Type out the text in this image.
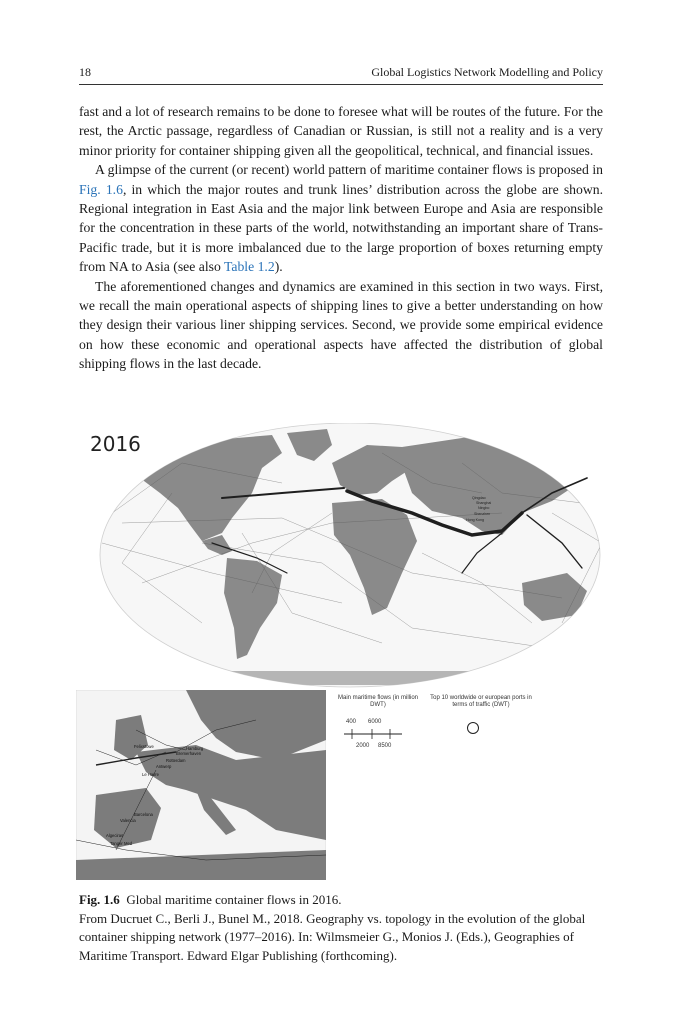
18	Global Logistics Network Modelling and Policy

fast and a lot of research remains to be done to foresee what will be routes of the future. For the rest, the Arctic passage, regardless of Canadian or Russian, is still not a reality and is a very minor priority for container shipping given all the geopolitical, technical, and financial issues.

A glimpse of the current (or recent) world pattern of maritime container flows is proposed in Fig. 1.6, in which the major routes and trunk lines’ distribution across the globe are shown. Regional integration in East Asia and the major link between Europe and Asia are responsible for the concentration in these parts of the world, notwithstanding an important share of Trans-Pacific trade, but it is more imbalanced due to the large proportion of boxes returning empty from NA to Asia (see also Table 1.2).

The aforementioned changes and dynamics are examined in this section in two ways. First, we recall the main operational aspects of shipping lines to give a better understanding on how they design their various liner shipping services. Second, we provide some empirical evidence on how these economic and operational aspects have affected the distribution of global shipping flows in the last decade.

2016
Qingdao
Shanghai
Ningbo
Shenzhen
Hong Kong
Felixstowe
Rotterdam
Bremerhaven
Hamburg
Antwerp
Le Havre
Barcelona
Valencia
Algeciras
Tanger Med
Main maritime flows (in million DWT)
Top 10 worldwide or european ports in terms of traffic (DWT)
400 6000
2000 8500

Fig. 1.6 Global maritime container flows in 2016.

From Ducruet C., Berli J., Bunel M., 2018. Geography vs. topology in the evolution of the global container shipping network (1977–2016). In: Wilmsmeier G., Monios J. (Eds.), Geographies of Maritime Transport. Edward Elgar Publishing (forthcoming).
